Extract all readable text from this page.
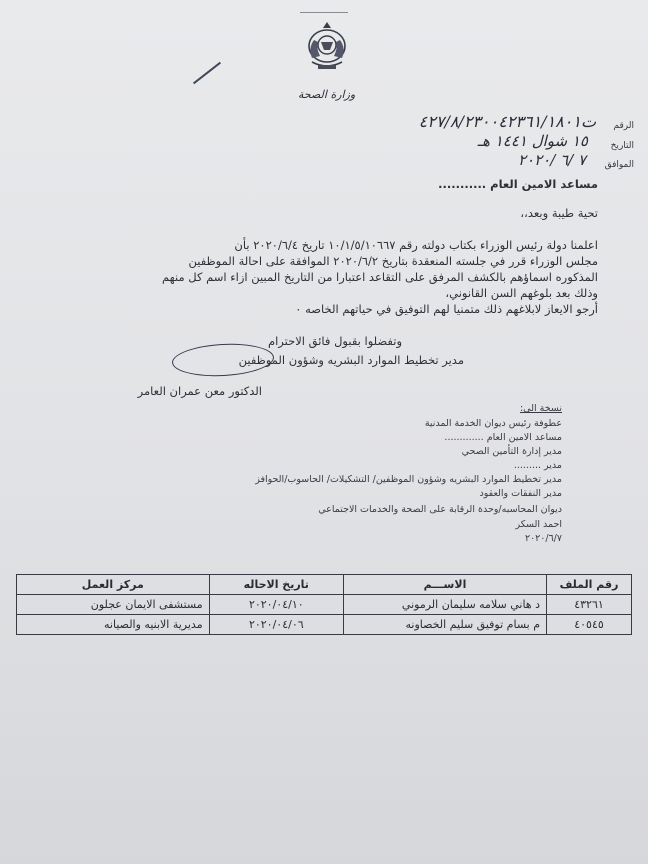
وزارة الصحة
الرقم
ت٤٢٧/٨/٢٣٠٠٤٢٣٦١/١٨٠١
التاريخ
١٥ شوال ١٤٤١ هـ
الموافق
٧ /٦ /٢٠٢٠
مساعد الامين العام ...........
تحية طيبة وبعد،،
اعلمنا دولة رئيس الوزراء بكتاب دولته رقم ١٠/١/٥/١٠٦٦٧ تاريخ ٢٠٢٠/٦/٤ بأن
مجلس الوزراء قرر في جلسته المنعقدة بتاريخ ٢٠٢٠/٦/٢ الموافقة على احالة الموظفين
المذكوره اسماؤهم بالكشف المرفق على التقاعد اعتبارا من التاريخ المبين ازاء اسم كل منهم
وذلك بعد بلوغهم السن القانوني،
أرجو الايعاز لابلاغهم ذلك متمنيا لهم التوفيق في حياتهم الخاصه ٠
وتفضلوا بقبول فائق الاحترام
مدير تخطيط الموارد البشريه وشؤون الموظفين
الدكتور معن عمران العامر
نسخة الى:
عطوفة رئيس ديوان الخدمة المدنية
مساعد الامين العام .............
مدير إدارة التأمين الصحي
مدير .........
مدير تخطيط الموارد البشريه وشؤون الموظفين/ التشكيلات/ الحاسوب/الحوافز
مدير النفقات والعقود
ديوان المحاسبه/وحدة الرقابة على الصحة والخدمات الاجتماعي
احمد السكر
٢٠٢٠/٦/٧
رقم الملف	الاســـم	تاريخ الاحاله	مركز العمل
٤٣٢٦١	د هاني سلامه سليمان الرموني	٢٠٢٠/٠٤/١٠	مستشفى الايمان عجلون
٤٠٥٤٥	م بسام توفيق سليم الخصاونه	٢٠٢٠/٠٤/٠٦	مديرية الابنيه والصيانه
